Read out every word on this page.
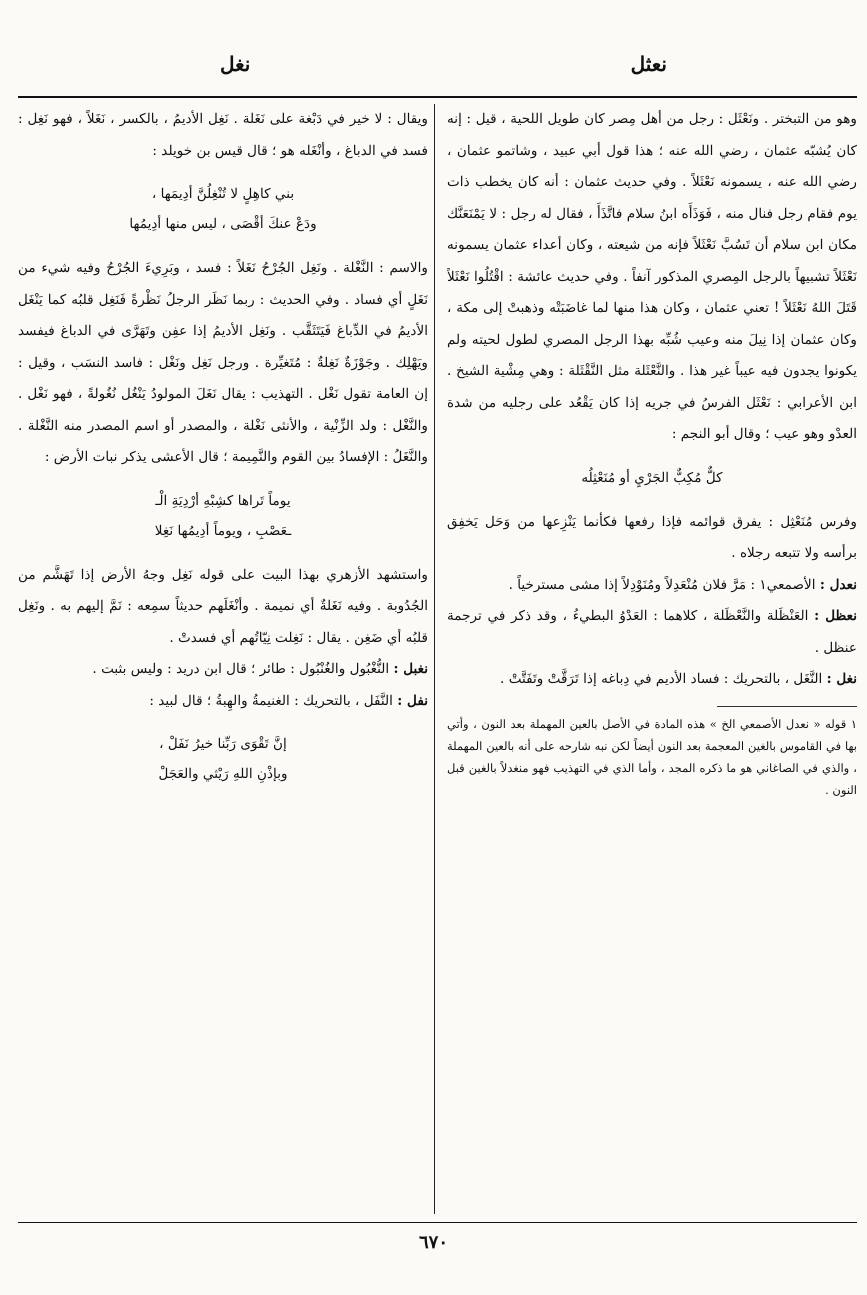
نعثل
نغل

وهو من التبختر . ونَعْثَل : رجل من أهل مِصر كان طويل اللحية ، قيل : إنه كان يُشبّه عثمان ، رضي الله عنه ؛ هذا قول أبي عبيد ، وشاتمو عثمان ، رضي الله عنه ، يسمونه نَعْثَلاً . وفي حديث عثمان : أنه كان يخطب ذات يوم فقام رجل فنال منه ، فَوَذَأَه ابنُ سلام فاتَّذَأَ ، فقال له رجل : لا يَمْنَعَنَّك مكان ابن سلام أن تَسُبَّ نَعْثَلاً فإنه من شيعته ، وكان أعداء عثمان يسمونه نَعْثَلاً تشبيهاً بالرجل المِصري المذكور آنفاً . وفي حديث عائشة : اقْتُلُوا نَعْثَلاً قَتَلَ اللهُ نَعْثَلاً ! تعني عثمان ، وكان هذا منها لما غاضَبَتْه وذهبتْ إلى مكة ، وكان عثمان إذا نِيلَ منه وعيب شُبِّه بهذا الرجل المصري لطول لحيته ولم يكونوا يجدون فيه عيباً غير هذا . والنَّعْثَلة مثل النَّقْثَلة : وهي مِشْية الشيخ . ابن الأعرابي : نَعْثَل الفرسُ في جريه إذا كان يَقْعُد على رجليه من شدة العدْو وهو عيب ؛ وقال أبو النجم :

كلٌّ مُكِبٌّ الجَرْيِ أو مُنَعْثِلُه

وفرس مُنَعْثِل : يفرق قوائمه فإذا رفعها فكأنما يَنْزِعها من وَحَل يَخفِق برأسه ولا تتبعه رجلاه .

نعدل : الأصمعي١ : مَرَّ فلان مُنْعَدِلاً ومُنَوْدِلاً إذا مشى مسترخياً .

نعظل : العَنْظَلة والنَّعْظَلة ، كلاهما : العَدْوُ البطيءُ ، وقد ذكر في ترجمة عنظل .

نغل : النَّغَل ، بالتحريك : فساد الأديم في دِباغه إذا تَرَقَّتْ وتَفَتَّتْ .

١ قوله « نعدل الأصمعي الخ » هذه المادة في الأصل بالعين المهملة بعد النون ، وأتي بها في القاموس بالغين المعجمة بعد النون أيضاً لكن نبه شارحه على أنه بالعين المهملة ، والذي في الصاغاني هو ما ذكره المجد ، وأما الذي في التهذيب فهو منغدلاً بالغين قبل النون .

ويقال : لا خير في دَبْغة على نَغَلة . نَغِل الأديمُ ، بالكسر ، نَغَلاً ، فهو نَغِل : فسد في الدباغ ، وأنْغَله هو ؛ قال قيس بن خويلد :

بني كاهِلٍ لا تُنْغِلُنَّ أدِيمَها ،
ودَعْ عنكَ أقْصَى ، ليس منها أدِيمُها

والاسم : النَّغْلة . ونَغِل الجُرْحُ نَغَلاً : فسد ، وبَرِيءَ الجُرْحُ وفيه شيء من نَغَلٍ أي فساد . وفي الحديث : ربما نَظَر الرجلُ نَظْرةً فَنَغِل قلبُه كما يَنْغَل الأديمُ في الدِّباغ فَيَتَثَقَّب . ونَغِل الأديمُ إذا عفِن وتَهَرَّى في الدباغ فيفسد ويَهْلِك . وجَوْزَةٌ نَغِلةٌ : مُتَغيِّرة . ورجل نَغِل ونَغْل : فاسد النسَب ، وقيل : إن العامة تقول نَغْل . التهذيب : يقال نَغَلَ المولودُ يَنْغُل نُغُولةً ، فهو نَغْل . والنَّغْل : ولد الزِّنْية ، والأنثى نَغْلة ، والمصدر أو اسم المصدر منه النَّغْلة . والنَّغَلُ : الإفسادُ بين القوم والنَّمِيمة ؛ قال الأعشى يذكر نبات الأرض :

يوماً تَراها كشِبْهِ أرْدِيَةِ الْـ
ـعَصْبِ ، ويوماً أدِيمُها نَغِلا

واستشهد الأزهري بهذا البيت على قوله نَغِل وجهُ الأرض إذا تَهَشَّم من الجُدُوبة . وفيه نَغَلةٌ أي نميمة . وأنْغَلَهم حديثاً سمِعه : نَمَّ إليهم به . ونَغِل قلبُه أي ضَغِن . يقال : نَغِلت نِيّاتُهم أي فسدتْ .

نغبل : النُّغْبُول والغُنْبُول : طائر ؛ قال ابن دريد : وليس بثبت .

نفل : النَّفَل ، بالتحريك : الغنيمةُ والهِبةُ ؛ قال لبيد :

إنَّ تَقْوَى رَبِّنا خيرُ نَفَلْ ،
وبإذْنِ اللهِ رَيْثي والعَجَلْ

٦٧٠
